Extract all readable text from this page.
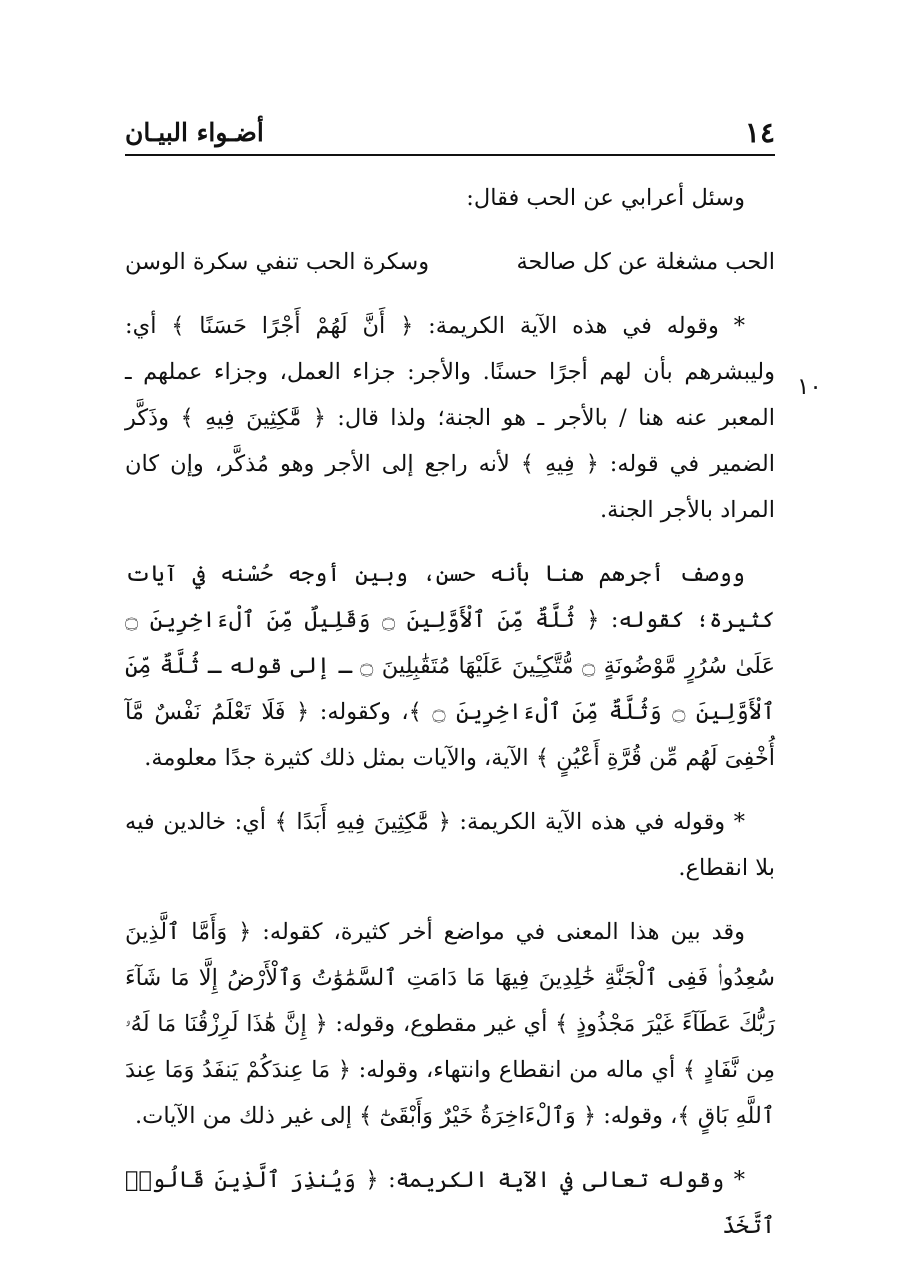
١٤
أضـواء البيـان
١٠

وسئل أعرابي عن الحب فقال:

الحب مشغلة عن كل صالحة
وسكرة الحب تنفي سكرة الوسن

* وقوله في هذه الآية الكريمة: ﴿ أَنَّ لَهُمْ أَجْرًا حَسَنًا ﴾ أي: وليبشرهم بأن لهم أجرًا حسنًا. والأجر: جزاء العمل، وجزاء عملهم ـ المعبر عنه هنا / بالأجر ـ هو الجنة؛ ولذا قال: ﴿ مَّٰكِثِينَ فِيهِ ﴾ وذَكَّر الضمير في قوله: ﴿ فِيهِ ﴾ لأنه راجع إلى الأجر وهو مُذكَّر، وإن كان المراد بالأجر الجنة.

ووصف أجرهم هنا بأنه حسن، وبين أوجه حُسْنه في آيات كثيرة؛ كقوله: ﴿ ثُلَّةٌ مِّنَ ٱلْأَوَّلِينَ ۝ وَقَلِيلٌ مِّنَ ٱلْءَاخِرِينَ ۝ عَلَىٰ سُرُرٍ مَّوْضُونَةٍ ۝ مُّتَّكِـِٔينَ عَلَيْهَا مُتَقَٰبِلِينَ ۝ ـ إلى قوله ـ ثُلَّةٌ مِّنَ ٱلْأَوَّلِينَ ۝ وَثُلَّةٌ مِّنَ ٱلْءَاخِرِينَ ۝ ﴾، وكقوله: ﴿ فَلَا تَعْلَمُ نَفْسٌ مَّآ أُخْفِىَ لَهُم مِّن قُرَّةِ أَعْيُنٍ ﴾ الآية، والآيات بمثل ذلك كثيرة جدًا معلومة.

* وقوله في هذه الآية الكريمة: ﴿ مَّٰكِثِينَ فِيهِ أَبَدًا ﴾ أي: خالدين فيه بلا انقطاع.

وقد بين هذا المعنى في مواضع أخر كثيرة، كقوله: ﴿ وَأَمَّا ٱلَّذِينَ سُعِدُوا۟ فَفِى ٱلْجَنَّةِ خَٰلِدِينَ فِيهَا مَا دَامَتِ ٱلسَّمَٰوَٰتُ وَٱلْأَرْضُ إِلَّا مَا شَآءَ رَبُّكَ عَطَآءً غَيْرَ مَجْذُوذٍ ﴾ أي غير مقطوع، وقوله: ﴿ إِنَّ هَٰذَا لَرِزْقُنَا مَا لَهُۥ مِن نَّفَادٍ ﴾ أي ماله من انقطاع وانتهاء، وقوله: ﴿ مَا عِندَكُمْ يَنفَدُ وَمَا عِندَ ٱللَّهِ بَاقٍ ﴾، وقوله: ﴿ وَٱلْءَاخِرَةُ خَيْرٌ وَأَبْقَىٰٓ ﴾ إلى غير ذلك من الآيات.

* وقوله تعالى في الآية الكريمة: ﴿ وَيُنذِرَ ٱلَّذِينَ قَالُوا۟ ٱتَّخَذَ
